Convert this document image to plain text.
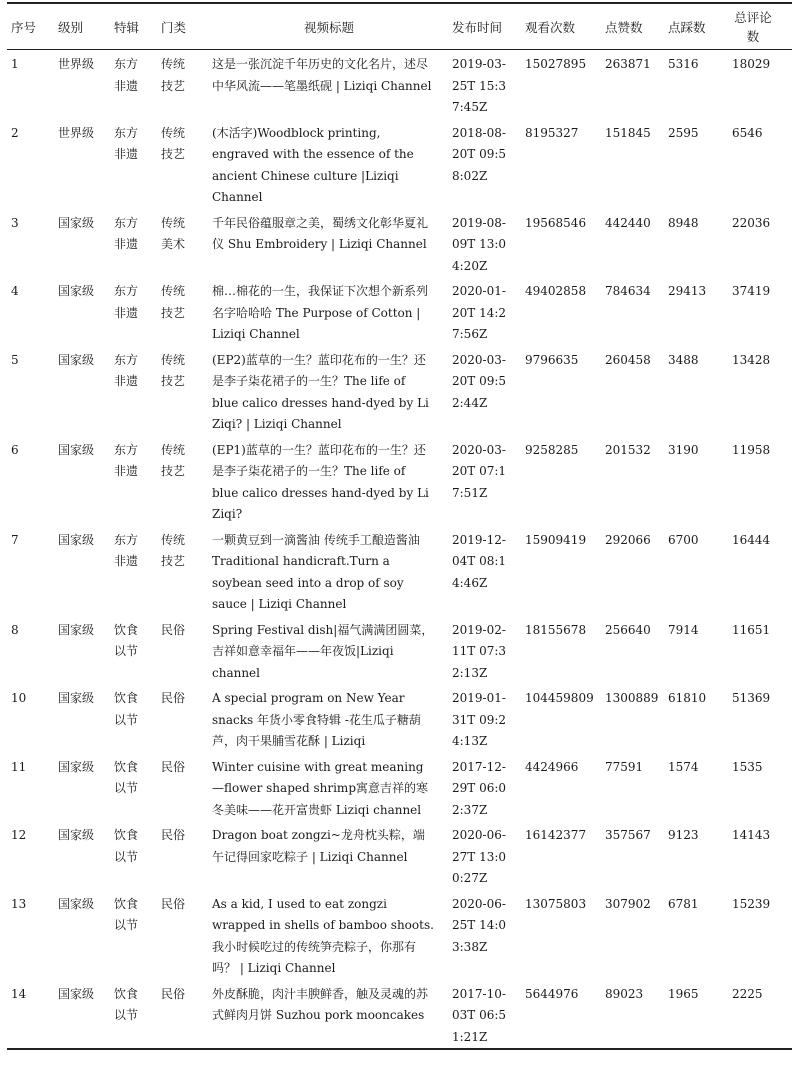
序号	级别	特辑	门类	视频标题	发布时间	观看次数	点赞数	点踩数	总评论数
1	世界级	东方非遗	传统技艺	这是一张沉淀千年历史的文化名片，述尽中华风流——笔墨纸砚 | Liziqi Channel	2019-03-25T 15:37:45Z	15027895	263871	5316	18029
2	世界级	东方非遗	传统技艺	(木活字)Woodblock printing, engraved with the essence of the ancient Chinese culture |Liziqi Channel	2018-08-20T 09:58:02Z	8195327	151845	2595	6546
3	国家级	东方非遗	传统美术	千年民俗蕴服章之美，蜀绣文化彰华夏礼仪 Shu Embroidery | Liziqi Channel	2019-08-09T 13:04:20Z	19568546	442440	8948	22036
4	国家级	东方非遗	传统技艺	棉…棉花的一生，我保证下次想个新系列名字哈哈哈 The Purpose of Cotton | Liziqi Channel	2020-01-20T 14:27:56Z	49402858	784634	29413	37419
5	国家级	东方非遗	传统技艺	(EP2)蓝草的一生？蓝印花布的一生？还是李子柒花裙子的一生？The life of blue calico dresses hand-dyed by Li Ziqi? | Liziqi Channel	2020-03-20T 09:52:44Z	9796635	260458	3488	13428
6	国家级	东方非遗	传统技艺	(EP1)蓝草的一生？蓝印花布的一生？还是李子柒花裙子的一生？The life of blue calico dresses hand-dyed by Li Ziqi?	2020-03-20T 07:17:51Z	9258285	201532	3190	11958
7	国家级	东方非遗	传统技艺	一颗黄豆到一滴酱油 传统手工酿造酱油 Traditional handicraft.Turn a soybean seed into a drop of soy sauce | Liziqi Channel	2019-12-04T 08:14:46Z	15909419	292066	6700	16444
8	国家级	饮食以节	民俗	Spring Festival dish|福气满满团圆菜，吉祥如意幸福年——年夜饭|Liziqi channel	2019-02-11T 07:32:13Z	18155678	256640	7914	11651
10	国家级	饮食以节	民俗	A special program on New Year snacks 年货小零食特辑 -花生瓜子糖葫芦，肉干果脯雪花酥 | Liziqi	2019-01-31T 09:24:13Z	104459809	1300889	61810	51369
11	国家级	饮食以节	民俗	Winter cuisine with great meaning—flower shaped shrimp寓意吉祥的寒冬美味——花开富贵虾 Liziqi channel	2017-12-29T 06:02:37Z	4424966	77591	1574	1535
12	国家级	饮食以节	民俗	Dragon boat zongzi~龙舟枕头粽，端午记得回家吃粽子 | Liziqi Channel	2020-06-27T 13:00:27Z	16142377	357567	9123	14143
13	国家级	饮食以节	民俗	As a kid, I used to eat zongzi wrapped in shells of bamboo shoots. 我小时候吃过的传统笋壳粽子，你那有吗？ | Liziqi Channel	2020-06-25T 14:03:38Z	13075803	307902	6781	15239
14	国家级	饮食以节	民俗	外皮酥脆，肉汁丰腴鲜香，触及灵魂的苏式鲜肉月饼 Suzhou pork mooncakes	2017-10-03T 06:51:21Z	5644976	89023	1965	2225
